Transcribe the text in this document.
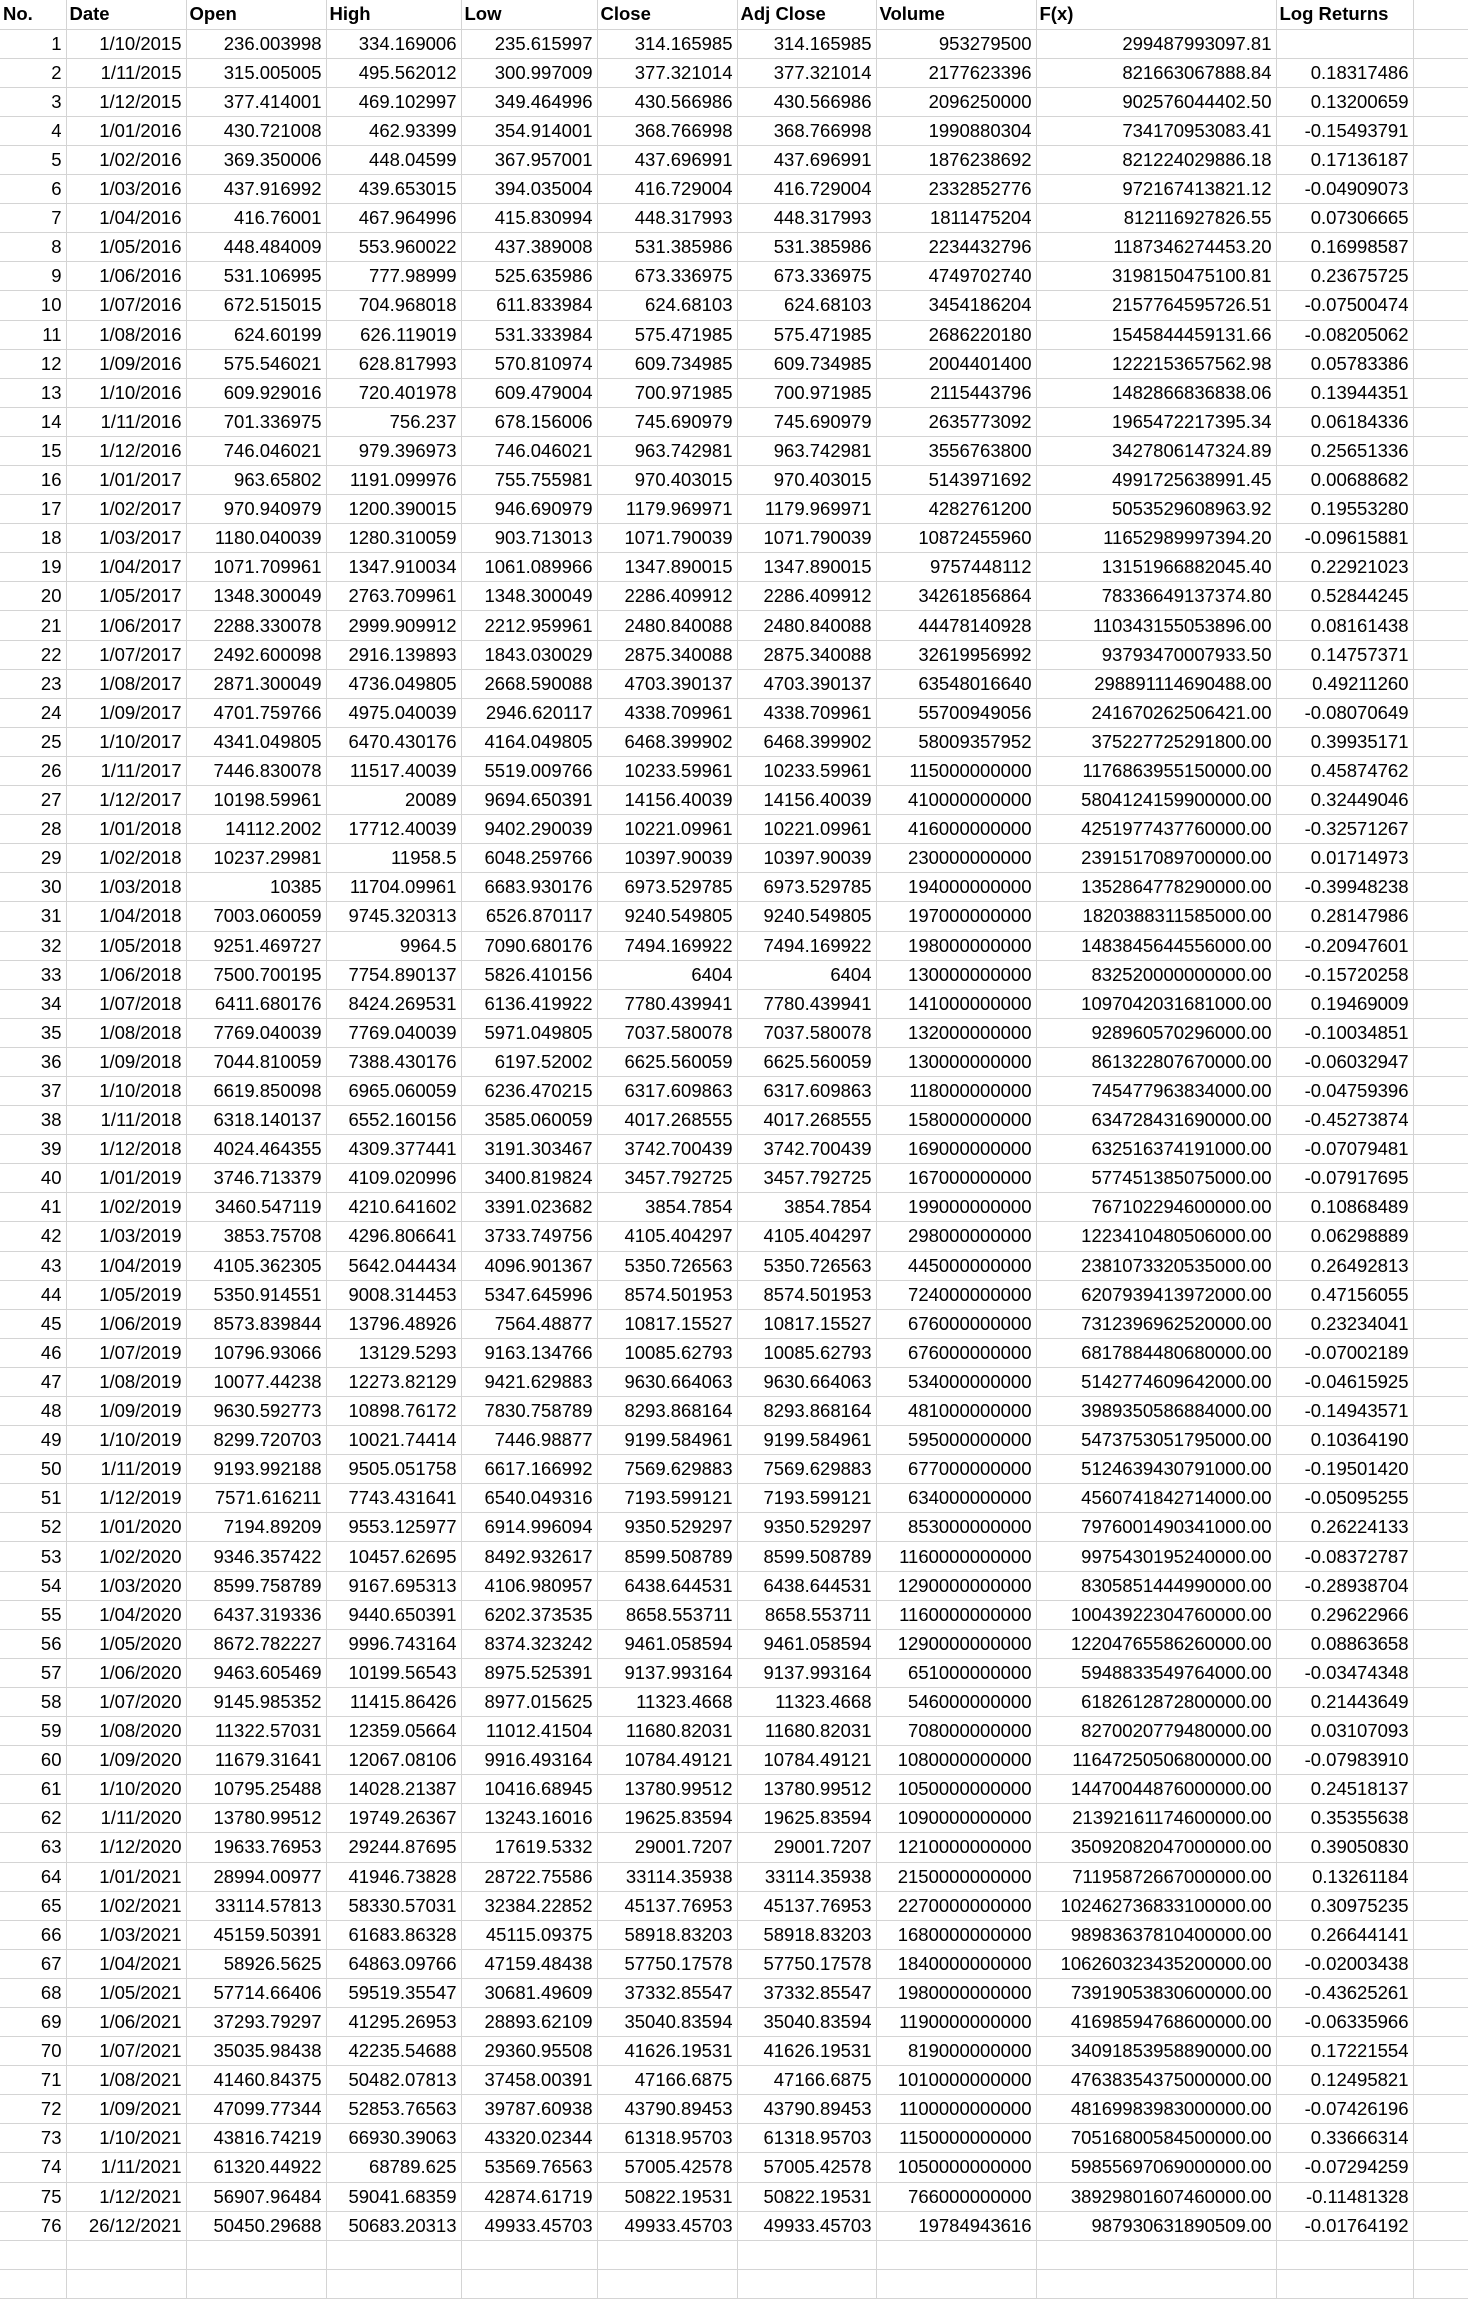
No.	Date	Open	High	Low	Close	Adj Close	Volume	F(x)	Log Returns	
1	1/10/2015	236.003998	334.169006	235.615997	314.165985	314.165985	953279500	299487993097.81		
2	1/11/2015	315.005005	495.562012	300.997009	377.321014	377.321014	2177623396	821663067888.84	0.18317486	
3	1/12/2015	377.414001	469.102997	349.464996	430.566986	430.566986	2096250000	902576044402.50	0.13200659	
4	1/01/2016	430.721008	462.93399	354.914001	368.766998	368.766998	1990880304	734170953083.41	-0.15493791	
5	1/02/2016	369.350006	448.04599	367.957001	437.696991	437.696991	1876238692	821224029886.18	0.17136187	
6	1/03/2016	437.916992	439.653015	394.035004	416.729004	416.729004	2332852776	972167413821.12	-0.04909073	
7	1/04/2016	416.76001	467.964996	415.830994	448.317993	448.317993	1811475204	812116927826.55	0.07306665	
8	1/05/2016	448.484009	553.960022	437.389008	531.385986	531.385986	2234432796	1187346274453.20	0.16998587	
9	1/06/2016	531.106995	777.98999	525.635986	673.336975	673.336975	4749702740	3198150475100.81	0.23675725	
10	1/07/2016	672.515015	704.968018	611.833984	624.68103	624.68103	3454186204	2157764595726.51	-0.07500474	
11	1/08/2016	624.60199	626.119019	531.333984	575.471985	575.471985	2686220180	1545844459131.66	-0.08205062	
12	1/09/2016	575.546021	628.817993	570.810974	609.734985	609.734985	2004401400	1222153657562.98	0.05783386	
13	1/10/2016	609.929016	720.401978	609.479004	700.971985	700.971985	2115443796	1482866836838.06	0.13944351	
14	1/11/2016	701.336975	756.237	678.156006	745.690979	745.690979	2635773092	1965472217395.34	0.06184336	
15	1/12/2016	746.046021	979.396973	746.046021	963.742981	963.742981	3556763800	3427806147324.89	0.25651336	
16	1/01/2017	963.65802	1191.099976	755.755981	970.403015	970.403015	5143971692	4991725638991.45	0.00688682	
17	1/02/2017	970.940979	1200.390015	946.690979	1179.969971	1179.969971	4282761200	5053529608963.92	0.19553280	
18	1/03/2017	1180.040039	1280.310059	903.713013	1071.790039	1071.790039	10872455960	11652989997394.20	-0.09615881	
19	1/04/2017	1071.709961	1347.910034	1061.089966	1347.890015	1347.890015	9757448112	13151966882045.40	0.22921023	
20	1/05/2017	1348.300049	2763.709961	1348.300049	2286.409912	2286.409912	34261856864	78336649137374.80	0.52844245	
21	1/06/2017	2288.330078	2999.909912	2212.959961	2480.840088	2480.840088	44478140928	110343155053896.00	0.08161438	
22	1/07/2017	2492.600098	2916.139893	1843.030029	2875.340088	2875.340088	32619956992	93793470007933.50	0.14757371	
23	1/08/2017	2871.300049	4736.049805	2668.590088	4703.390137	4703.390137	63548016640	298891114690488.00	0.49211260	
24	1/09/2017	4701.759766	4975.040039	2946.620117	4338.709961	4338.709961	55700949056	241670262506421.00	-0.08070649	
25	1/10/2017	4341.049805	6470.430176	4164.049805	6468.399902	6468.399902	58009357952	375227725291800.00	0.39935171	
26	1/11/2017	7446.830078	11517.40039	5519.009766	10233.59961	10233.59961	115000000000	1176863955150000.00	0.45874762	
27	1/12/2017	10198.59961	20089	9694.650391	14156.40039	14156.40039	410000000000	5804124159900000.00	0.32449046	
28	1/01/2018	14112.2002	17712.40039	9402.290039	10221.09961	10221.09961	416000000000	4251977437760000.00	-0.32571267	
29	1/02/2018	10237.29981	11958.5	6048.259766	10397.90039	10397.90039	230000000000	2391517089700000.00	0.01714973	
30	1/03/2018	10385	11704.09961	6683.930176	6973.529785	6973.529785	194000000000	1352864778290000.00	-0.39948238	
31	1/04/2018	7003.060059	9745.320313	6526.870117	9240.549805	9240.549805	197000000000	1820388311585000.00	0.28147986	
32	1/05/2018	9251.469727	9964.5	7090.680176	7494.169922	7494.169922	198000000000	1483845644556000.00	-0.20947601	
33	1/06/2018	7500.700195	7754.890137	5826.410156	6404	6404	130000000000	832520000000000.00	-0.15720258	
34	1/07/2018	6411.680176	8424.269531	6136.419922	7780.439941	7780.439941	141000000000	1097042031681000.00	0.19469009	
35	1/08/2018	7769.040039	7769.040039	5971.049805	7037.580078	7037.580078	132000000000	928960570296000.00	-0.10034851	
36	1/09/2018	7044.810059	7388.430176	6197.52002	6625.560059	6625.560059	130000000000	861322807670000.00	-0.06032947	
37	1/10/2018	6619.850098	6965.060059	6236.470215	6317.609863	6317.609863	118000000000	745477963834000.00	-0.04759396	
38	1/11/2018	6318.140137	6552.160156	3585.060059	4017.268555	4017.268555	158000000000	634728431690000.00	-0.45273874	
39	1/12/2018	4024.464355	4309.377441	3191.303467	3742.700439	3742.700439	169000000000	632516374191000.00	-0.07079481	
40	1/01/2019	3746.713379	4109.020996	3400.819824	3457.792725	3457.792725	167000000000	577451385075000.00	-0.07917695	
41	1/02/2019	3460.547119	4210.641602	3391.023682	3854.7854	3854.7854	199000000000	767102294600000.00	0.10868489	
42	1/03/2019	3853.75708	4296.806641	3733.749756	4105.404297	4105.404297	298000000000	1223410480506000.00	0.06298889	
43	1/04/2019	4105.362305	5642.044434	4096.901367	5350.726563	5350.726563	445000000000	2381073320535000.00	0.26492813	
44	1/05/2019	5350.914551	9008.314453	5347.645996	8574.501953	8574.501953	724000000000	6207939413972000.00	0.47156055	
45	1/06/2019	8573.839844	13796.48926	7564.48877	10817.15527	10817.15527	676000000000	7312396962520000.00	0.23234041	
46	1/07/2019	10796.93066	13129.5293	9163.134766	10085.62793	10085.62793	676000000000	6817884480680000.00	-0.07002189	
47	1/08/2019	10077.44238	12273.82129	9421.629883	9630.664063	9630.664063	534000000000	5142774609642000.00	-0.04615925	
48	1/09/2019	9630.592773	10898.76172	7830.758789	8293.868164	8293.868164	481000000000	3989350586884000.00	-0.14943571	
49	1/10/2019	8299.720703	10021.74414	7446.98877	9199.584961	9199.584961	595000000000	5473753051795000.00	0.10364190	
50	1/11/2019	9193.992188	9505.051758	6617.166992	7569.629883	7569.629883	677000000000	5124639430791000.00	-0.19501420	
51	1/12/2019	7571.616211	7743.431641	6540.049316	7193.599121	7193.599121	634000000000	4560741842714000.00	-0.05095255	
52	1/01/2020	7194.89209	9553.125977	6914.996094	9350.529297	9350.529297	853000000000	7976001490341000.00	0.26224133	
53	1/02/2020	9346.357422	10457.62695	8492.932617	8599.508789	8599.508789	1160000000000	9975430195240000.00	-0.08372787	
54	1/03/2020	8599.758789	9167.695313	4106.980957	6438.644531	6438.644531	1290000000000	8305851444990000.00	-0.28938704	
55	1/04/2020	6437.319336	9440.650391	6202.373535	8658.553711	8658.553711	1160000000000	10043922304760000.00	0.29622966	
56	1/05/2020	8672.782227	9996.743164	8374.323242	9461.058594	9461.058594	1290000000000	12204765586260000.00	0.08863658	
57	1/06/2020	9463.605469	10199.56543	8975.525391	9137.993164	9137.993164	651000000000	5948833549764000.00	-0.03474348	
58	1/07/2020	9145.985352	11415.86426	8977.015625	11323.4668	11323.4668	546000000000	6182612872800000.00	0.21443649	
59	1/08/2020	11322.57031	12359.05664	11012.41504	11680.82031	11680.82031	708000000000	8270020779480000.00	0.03107093	
60	1/09/2020	11679.31641	12067.08106	9916.493164	10784.49121	10784.49121	1080000000000	11647250506800000.00	-0.07983910	
61	1/10/2020	10795.25488	14028.21387	10416.68945	13780.99512	13780.99512	1050000000000	14470044876000000.00	0.24518137	
62	1/11/2020	13780.99512	19749.26367	13243.16016	19625.83594	19625.83594	1090000000000	21392161174600000.00	0.35355638	
63	1/12/2020	19633.76953	29244.87695	17619.5332	29001.7207	29001.7207	1210000000000	35092082047000000.00	0.39050830	
64	1/01/2021	28994.00977	41946.73828	28722.75586	33114.35938	33114.35938	2150000000000	71195872667000000.00	0.13261184	
65	1/02/2021	33114.57813	58330.57031	32384.22852	45137.76953	45137.76953	2270000000000	102462736833100000.00	0.30975235	
66	1/03/2021	45159.50391	61683.86328	45115.09375	58918.83203	58918.83203	1680000000000	98983637810400000.00	0.26644141	
67	1/04/2021	58926.5625	64863.09766	47159.48438	57750.17578	57750.17578	1840000000000	106260323435200000.00	-0.02003438	
68	1/05/2021	57714.66406	59519.35547	30681.49609	37332.85547	37332.85547	1980000000000	73919053830600000.00	-0.43625261	
69	1/06/2021	37293.79297	41295.26953	28893.62109	35040.83594	35040.83594	1190000000000	41698594768600000.00	-0.06335966	
70	1/07/2021	35035.98438	42235.54688	29360.95508	41626.19531	41626.19531	819000000000	34091853958890000.00	0.17221554	
71	1/08/2021	41460.84375	50482.07813	37458.00391	47166.6875	47166.6875	1010000000000	47638354375000000.00	0.12495821	
72	1/09/2021	47099.77344	52853.76563	39787.60938	43790.89453	43790.89453	1100000000000	48169983983000000.00	-0.07426196	
73	1/10/2021	43816.74219	66930.39063	43320.02344	61318.95703	61318.95703	1150000000000	70516800584500000.00	0.33666314	
74	1/11/2021	61320.44922	68789.625	53569.76563	57005.42578	57005.42578	1050000000000	59855697069000000.00	-0.07294259	
75	1/12/2021	56907.96484	59041.68359	42874.61719	50822.19531	50822.19531	766000000000	38929801607460000.00	-0.11481328	
76	26/12/2021	50450.29688	50683.20313	49933.45703	49933.45703	49933.45703	19784943616	987930631890509.00	-0.01764192	
